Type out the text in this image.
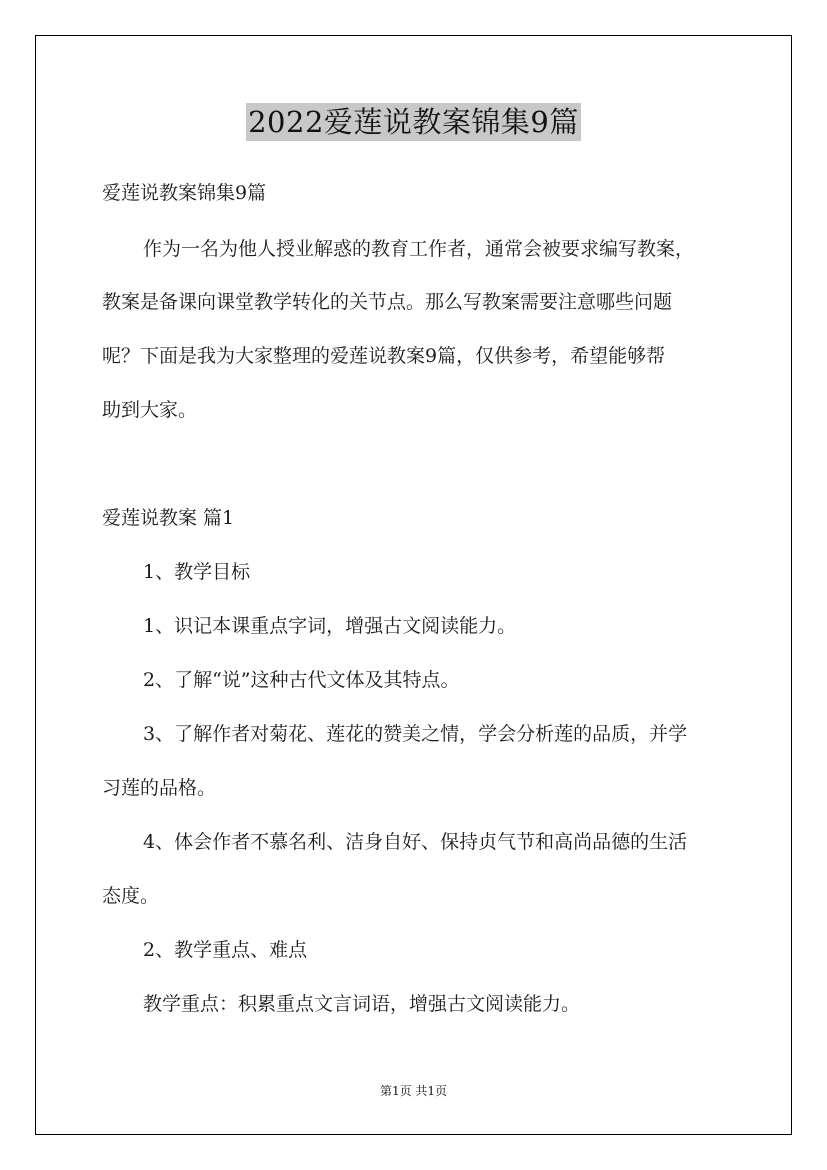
2022爱莲说教案锦集9篇
爱莲说教案锦集9篇
作为一名为他人授业解惑的教育工作者，通常会被要求编写教案，
教案是备课向课堂教学转化的关节点。那么写教案需要注意哪些问题
呢？下面是我为大家整理的爱莲说教案9篇，仅供参考，希望能够帮
助到大家。
爱莲说教案 篇1
1、教学目标
1、识记本课重点字词，增强古文阅读能力。
2、了解“说”这种古代文体及其特点。
3、了解作者对菊花、莲花的赞美之情，学会分析莲的品质，并学
习莲的品格。
4、体会作者不慕名利、洁身自好、保持贞气节和高尚品德的生活
态度。
2、教学重点、难点
教学重点：积累重点文言词语，增强古文阅读能力。
第1页 共1页
